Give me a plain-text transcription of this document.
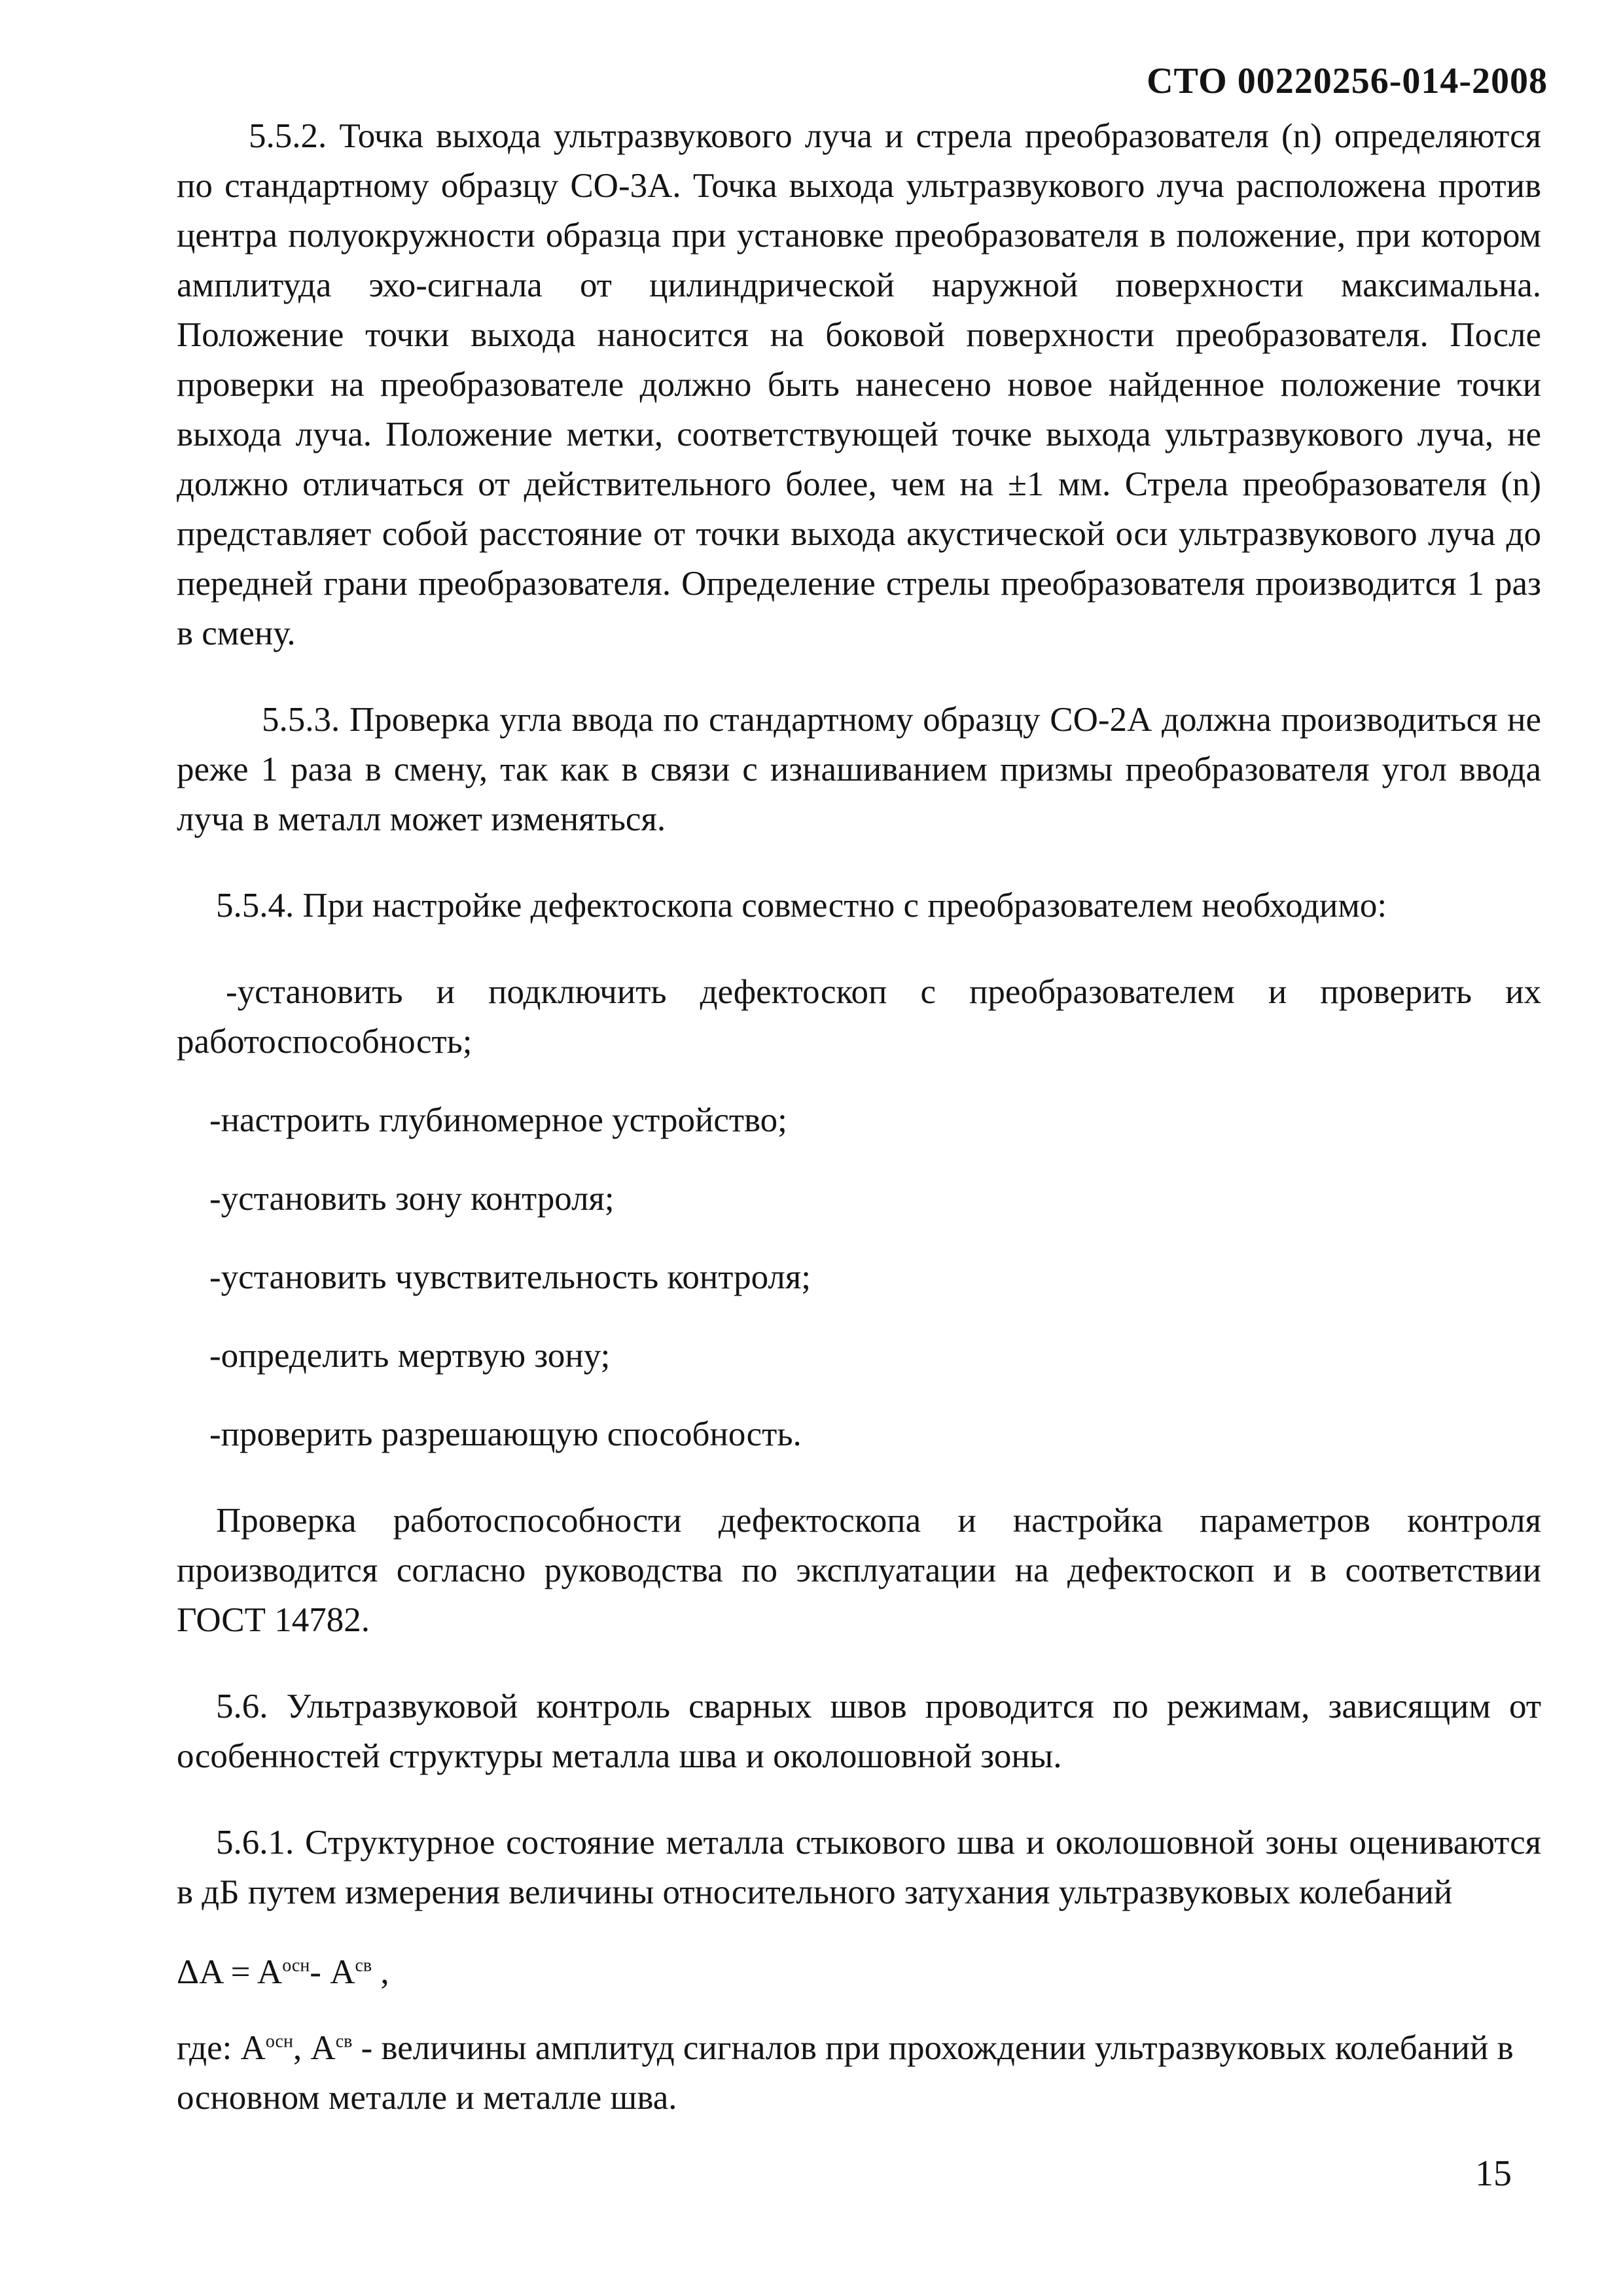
СТО 00220256-014-2008

5.5.2. Точка выхода ультразвукового луча и стрела преобразователя (n) определяются по стандартному образцу СО-3А. Точка выхода ультразвукового луча расположена против центра полуокружности образца при установке преобразователя в положение, при котором амплитуда эхо-сигнала от цилиндрической наружной поверхности максимальна. Положение точки выхода наносится на боковой поверхности преобразователя. После проверки на преобразователе должно быть нанесено новое найденное положение точки выхода луча. Положение метки, соответствующей точке выхода ультразвукового луча, не должно отличаться от действительного более, чем на ±1 мм. Стрела преобразователя (n) представляет собой расстояние от точки выхода акустической оси ультразвукового луча до передней грани преобразователя. Определение стрелы преобразователя производится 1 раз в смену.

5.5.3. Проверка угла ввода по стандартному образцу СО-2А должна производиться не реже 1 раза в смену, так как в связи с изнашиванием призмы преобразователя угол ввода луча в металл может изменяться.

5.5.4. При настройке дефектоскопа совместно с преобразователем необходимо:

-установить и подключить дефектоскоп с преобразователем и проверить их работоспособность;

-настроить глубиномерное устройство;

-установить зону контроля;

-установить чувствительность контроля;

-определить мертвую зону;

-проверить разрешающую способность.

Проверка работоспособности дефектоскопа и настройка параметров контроля производится согласно руководства по эксплуатации на дефектоскоп и в соответствии ГОСТ 14782.

5.6. Ультразвуковой контроль сварных швов проводится по режимам, зависящим от особенностей структуры металла шва и околошовной зоны.

5.6.1. Структурное состояние металла стыкового шва и околошовной зоны оцениваются в дБ путем измерения величины относительного затухания ультразвуковых колебаний

$\Delta A = A^{осн}-$ $A^{св}$ ,

где: $A^{осн}$, $A^{св}$ - величины амплитуд сигналов при прохождении ультразвуковых колебаний в основном металле и металле шва.

15
